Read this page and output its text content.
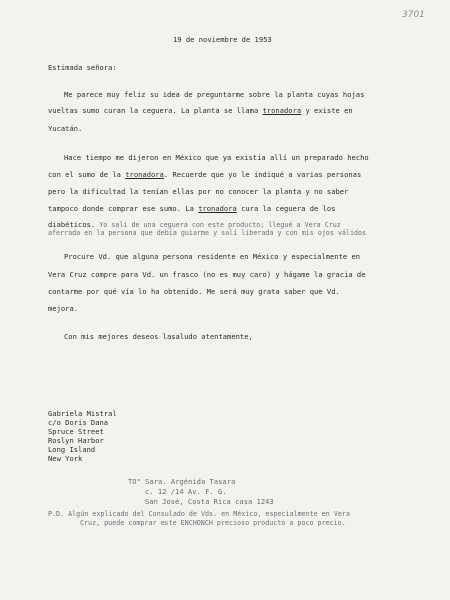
3701
19 de noviembre de 1953
Estimada señora:
Me parece muy feliz su idea de preguntarme sobre la planta cuyas hojas
vueltas sumo curan la ceguera. La planta se llama tronadora y existe en
Yucatán.
Hace tiempo me dijeron en México que ya existía allí un preparado hecho
con el sumo de la tronadora. Recuerde que yo le indiqué a varias personas
pero la dificultad la tenían ellas por no conocer la planta y no saber
tampoco donde comprar ese sumo. La tronadora cura la ceguera de los
diabéticos. Yo salí de una ceguera con este producto; llegué a Vera Cruz
aferrada en la persona que debía guiarme y salí liberada y con mis ojos válidos
Procure Vd. que alguna persona residente en México y especialmente en
Vera Cruz compre para Vd. un frasco (no es muy caro) y hágame la gracia de
contarme por qué vía lo ha obtenido. Me será muy grata saber que Vd.
mejora.
Con mis mejores deseos lasaludo atentamente,
Gabriela Mistral
c/o Doris Dana
Spruce Street
Roslyn Harbor
Long Island
New York
TO" Sara. Argénida Tasara
c. 12 /14 Av. F. G.
San José, Costa Rica casa 1243
P.D. Algún explicado del Consulado de Vds. en México, especialmente en Vera
Cruz, puede comprar este ENCHONCH precioso producto a poco precio.
